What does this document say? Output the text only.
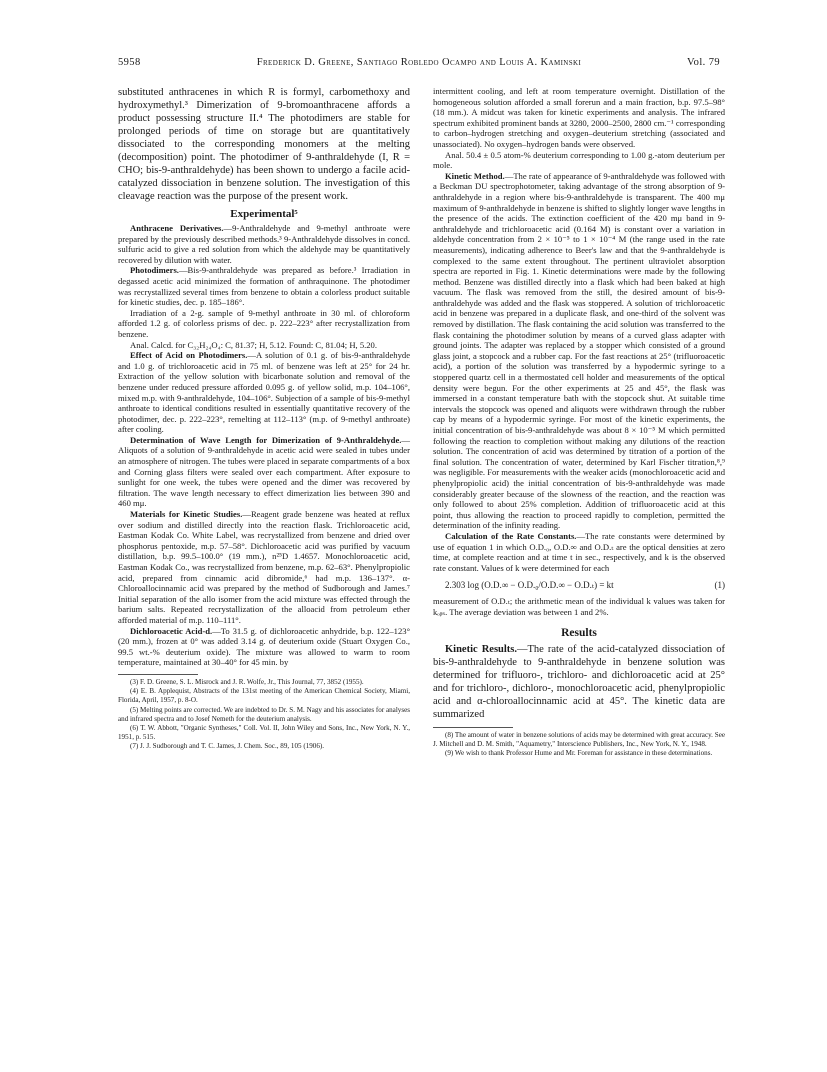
5958	Frederick D. Greene, Santiago Robledo Ocampo and Louis A. Kaminski	Vol. 79

substituted anthracenes in which R is formyl, carbomethoxy and hydroxymethyl.³ Dimerization of 9-bromoanthracene affords a product possessing structure II.⁴ The photodimers are stable for prolonged periods of time on storage but are quantitatively dissociated to the corresponding monomers at the melting (decomposition) point. The photodimer of 9-anthraldehyde (I, R = CHO; bis-9-anthraldehyde) has been shown to undergo a facile acid-catalyzed dissociation in benzene solution. The investigation of this cleavage reaction was the purpose of the present work.

Experimental⁵

Anthracene Derivatives.—9-Anthraldehyde and 9-methyl anthroate were prepared by the previously described methods.³ 9-Anthraldehyde dissolves in concd. sulfuric acid to give a red solution from which the aldehyde may be quantitatively recovered by dilution with water.

Photodimers.—Bis-9-anthraldehyde was prepared as before.³ Irradiation in degassed acetic acid minimized the formation of anthraquinone. The photodimer was recrystallized several times from benzene to obtain a colorless product suitable for kinetic studies, dec. p. 185–186°.

Irradiation of a 2-g. sample of 9-methyl anthroate in 30 ml. of chloroform afforded 1.2 g. of colorless prisms of dec. p. 222–223° after recrystallization from benzene.

Anal. Calcd. for C₃₂H₂₄O₄: C, 81.37; H, 5.12. Found: C, 81.04; H, 5.20.

Effect of Acid on Photodimers.—A solution of 0.1 g. of bis-9-anthraldehyde and 1.0 g. of trichloroacetic acid in 75 ml. of benzene was left at 25° for 24 hr. Extraction of the yellow solution with bicarbonate solution and removal of the benzene under reduced pressure afforded 0.095 g. of yellow solid, m.p. 104–106°, mixed m.p. with 9-anthraldehyde, 104–106°. Subjection of a sample of bis-9-methyl anthroate to identical conditions resulted in essentially quantitative recovery of the photodimer, dec. p. 222–223°, remelting at 112–113° (m.p. of 9-methyl anthroate) after cooling.

Determination of Wave Length for Dimerization of 9-Anthraldehyde.—Aliquots of a solution of 9-anthraldehyde in acetic acid were sealed in tubes under an atmosphere of nitrogen. The tubes were placed in separate compartments of a box and Corning glass filters were sealed over each compartment. After exposure to sunlight for one week, the tubes were opened and the dimer was recovered by filtration. The wave length necessary to effect dimerization lies between 390 and 460 mμ.

Materials for Kinetic Studies.—Reagent grade benzene was heated at reflux over sodium and distilled directly into the reaction flask. Trichloroacetic acid, Eastman Kodak Co. White Label, was recrystallized from benzene and dried over phosphorus pentoxide, m.p. 57–58°. Dichloroacetic acid was purified by vacuum distillation, b.p. 99.5–100.0° (19 mm.), n²⁵D 1.4657. Monochloroacetic acid, Eastman Kodak Co., was recrystallized from benzene, m.p. 62–63°. Phenylpropiolic acid, prepared from cinnamic acid dibromide,⁶ had m.p. 136–137°. α-Chloroallocinnamic acid was prepared by the method of Sudborough and James.⁷ Initial separation of the allo isomer from the acid mixture was effected through the barium salts. Repeated recrystallization of the alloacid from petroleum ether afforded material of m.p. 110–111°.

Dichloroacetic Acid-d.—To 31.5 g. of dichloroacetic anhydride, b.p. 122–123° (20 mm.), frozen at 0° was added 3.14 g. of deuterium oxide (Stuart Oxygen Co., 99.5 wt.-% deuterium oxide). The mixture was allowed to warm to room temperature, maintained at 30–40° for 45 min. by

(3) F. D. Greene, S. L. Misrock and J. R. Wolfe, Jr., This Journal, 77, 3852 (1955).

(4) E. B. Applequist, Abstracts of the 131st meeting of the American Chemical Society, Miami, Florida, April, 1957, p. 8-O.

(5) Melting points are corrected. We are indebted to Dr. S. M. Nagy and his associates for analyses and infrared spectra and to Josef Nemeth for the deuterium analysis.

(6) T. W. Abbott, "Organic Syntheses," Coll. Vol. II, John Wiley and Sons, Inc., New York, N. Y., 1951, p. 515.

(7) J. J. Sudborough and T. C. James, J. Chem. Soc., 89, 105 (1906).

intermittent cooling, and left at room temperature overnight. Distillation of the homogeneous solution afforded a small forerun and a main fraction, b.p. 97.5–98° (18 mm.). A midcut was taken for kinetic experiments and analysis. The infrared spectrum exhibited prominent bands at 3280, 2000–2500, 2800 cm.⁻¹ corresponding to carbon–hydrogen stretching and oxygen–deuterium stretching (associated and unassociated). No oxygen–hydrogen bands were observed.

Anal. 50.4 ± 0.5 atom-% deuterium corresponding to 1.00 g.-atom deuterium per mole.

Kinetic Method.—The rate of appearance of 9-anthraldehyde was followed with a Beckman DU spectrophotometer, taking advantage of the strong absorption of 9-anthraldehyde in a region where bis-9-anthraldehyde is transparent. The 400 mμ maximum of 9-anthraldehyde in benzene is shifted to slightly longer wave lengths in the presence of the acids. The extinction coefficient of the 420 mμ band in 9-anthraldehyde and trichloroacetic acid (0.164 M) is constant over a variation in aldehyde concentration from 2 × 10⁻⁵ to 1 × 10⁻⁴ M (the range used in the rate measurements), indicating adherence to Beer's law and that the 9-anthraldehyde is complexed to the same extent throughout. The pertinent ultraviolet absorption spectra are reported in Fig. 1. Kinetic determinations were made by the following method. Benzene was distilled directly into a flask which had been baked at high vacuum. The flask was removed from the still, the desired amount of bis-9-anthraldehyde was added and the flask was stoppered. A solution of trichloroacetic acid in benzene was prepared in a duplicate flask, and one-third of the solvent was removed by distillation. The flask containing the acid solution was transferred to the flask containing the photodimer solution by means of a curved glass adapter with ground joints. The adapter was replaced by a stopper which consisted of a ground glass joint, a stopcock and a rubber cap. For the fast reactions at 25° (trifluoroacetic acid), a portion of the solution was transferred by a hypodermic syringe to a stoppered quartz cell in a thermostated cell holder and measurements of the optical density were begun. For the other experiments at 25 and 45°, the flask was immersed in a constant temperature bath with the stopcock shut. At suitable time intervals the stopcock was opened and aliquots were withdrawn through the rubber cap by means of a hypodermic syringe. For most of the kinetic experiments, the initial concentration of bis-9-anthraldehyde was about 8 × 10⁻⁵ M which permitted following the reaction to completion without making any dilutions of the reaction solution. The concentration of acid was determined by titration of a portion of the final solution. The concentration of water, determined by Karl Fischer titration,⁸,⁹ was negligible. For measurements with the weaker acids (monochloroacetic acid and phenylpropiolic acid) the initial concentration of bis-9-anthraldehyde was made considerably greater because of the slowness of the reaction, and the reaction was only followed to about 25% completion. Addition of trifluoroacetic acid at this point, thus allowing the reaction to proceed rapidly to completion, permitted the determination of the infinity reading.

Calculation of the Rate Constants.—The rate constants were determined by use of equation 1 in which O.D.₀, O.D.∞ and O.D.ₜ are the optical densities at zero time, at complete reaction and at time t in sec., respectively, and k is the observed rate constant. Values of k were determined for each

2.303 log (O.D.∞ − O.D.₀/O.D.∞ − O.D.ₜ) = kt	(1)

measurement of O.D.ₜ; the arithmetic mean of the individual k values was taken for kₒᵦₛ. The average deviation was between 1 and 2%.

Results

Kinetic Results.—The rate of the acid-catalyzed dissociation of bis-9-anthraldehyde to 9-anthraldehyde in benzene solution was determined for trifluoro-, trichloro- and dichloroacetic acid at 25° and for trichloro-, dichloro-, monochloroacetic acid, phenylpropiolic acid and α-chloroallocinnamic acid at 45°. The kinetic data are summarized

(8) The amount of water in benzene solutions of acids may be determined with great accuracy. See J. Mitchell and D. M. Smith, "Aquametry," Interscience Publishers, Inc., New York, N. Y., 1948.

(9) We wish to thank Professor Hume and Mr. Foreman for assistance in these determinations.
